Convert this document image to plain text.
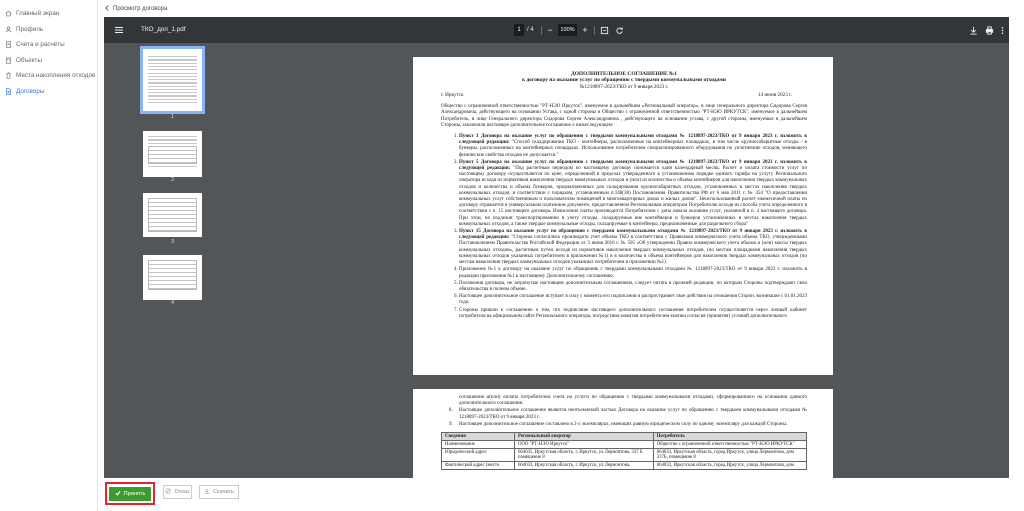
Главный экран
Профиль
Счета и расчёты
Объекты
Места накопления отходов
Договоры
Просмотр договора
ТКО_доп_1.pdf	1	/ 4 −	100% +
1
2
3
4
ДОПОЛНИТЕЛЬНОЕ СОГЛАШЕНИЕ №1
к договору на оказание услуг по обращению с твердыми коммунальными отходами
№1218897-2023/ТКО от 9 января 2023 г.
г. Иркутск	14 июня 2023 г.
Общество с ограниченной ответственностью "РТ-НЭО Иркутск", именуемое в дальнейшем «Региональный оператор», в лице генерального директора Сидорова Сергея Александровича, действующего на основании Устава, с одной стороны и Общество с ограниченной ответственностью "РТ-НЭО ИРКУТСК", именуемое в дальнейшем Потребитель, в лице Генерального директора Сидорова Сергея Александровича , действующего на основании устава, с другой стороны, именуемые в дальнейшем Стороны, заключили настоящее дополнительное соглашение о нижеследующем:
1. Пункт 3 Договора на оказание услуг по обращению с твердыми коммунальными отходами № 1218897-2023/ТКО от 9 января 2023 г. изложить в следующей редакции: "Способ складирования ТКО - контейнеры, расположенные на контейнерных площадках, в том числе крупногабаритные отходы - в бункеры, расположенных на контейнерных площадках. Использование потребителем специализированного оборудования по уплотнению отходов, меняющего физические свойства отходов не допускается."
2. Пункт 5 Договора на оказание услуг по обращению с твердыми коммунальными отходами № 1218897-2023/ТКО от 9 января 2023 г. изложить в следующей редакции: "Под расчетным периодом по настоящему договору понимается один календарный месяц. Расчет и оплата стоимости услуг по настоящему договору осуществляется по цене, определенной в пределах утвержденного в установленном порядке единого тарифа на услугу Регионального оператора исходя из нормативов накопления твердых коммунальных отходов и (или) из количества и объема контейнеров для накопления твердых коммунальных отходов и количества и объема бункеров, предназначенных для складирования крупногабаритных отходов, установленных в местах накопления твердых коммунальных отходов, в соответствии с порядком, установленным п.148(38) Постановления Правительства РФ от 6 мая 2011 г. № 354 "О предоставлении коммунальных услуг собственникам и пользователям помещений в многоквартирных домах и жилых домов". Неиспользованный расчет ежемесячной платы по договору отражается в универсальном платежном документе, предоставленном Региональным оператором Потребителю исходя из способа учета определенного в соответствии с п. 15 настоящего договора. Начисление платы производится Потребителем с даты начала оказания услуг, указанной в п. 4 настоящего договора. При этом, не подлежат транспортированию в учету отходы, складируемые вне контейнеров и бункеров установленных в местах накопления твердых коммунальных отходов, а также твердые коммунальные отходы, складируемые в контейнеры, предназначенные для раздельного сбора"
3. Пункт 15 Договора на оказание услуг по обращению с твердыми коммунальными отходами № 1218897-2023/ТКО от 9 января 2023 г. изложить в следующей редакции: "Стороны согласились производить учет объема ТКО в соответствии с Правилами коммерческого учета объема ТКО, утвержденными Постановлением Правительства Российской Федерации от 3 июня 2016 г. № 505 «Об утверждении Правил коммерческого учета объема и (или) массы твердых коммунальных отходов», расчетным путем исходя из нормативов накопления твердых коммунальных отходов, (по местам площадками накопления твердых коммунальных отходов указанных потребителем в приложении №1) и в количества и объема контейнеров для накопления твердых коммунальных отходов (по местам накопления твердых коммунальных отходов указанных потребителем в приложении №1).
4. Приложение №1 к договору на оказание услуг по обращению с твердыми коммунальными отходами № 1218897-2023/ТКО от 9 января 2023 г. изложить в редакции приложения №1 к настоящему Дополнительному соглашению.
5. Положения договора, не затронутые настоящим дополнительным соглашением, следует читать в прежней редакции, по которым Стороны подтверждают свои обязательства в полном объеме.
6. Настоящее дополнительное соглашение вступает в силу с момента его подписания и распространяет свое действия на отношения Сторон, возникшие с 01.01.2023 года.
7. Стороны пришли к соглашению о том, что подписание настоящего дополнительного соглашения потребителем осуществляется через личный кабинет потребителя на официальном сайте Регионального оператора, посредством нажатия потребителем кнопки согласия (принятия) условий дополнительного
соглашения и(или) оплаты потребителем счета на услуги по обращению с твердыми коммунальными отходами, сформированного на основании данного дополнительного соглашения.
8. Настоящее дополнительное соглашение является неотъемлемой частью Договора на оказание услуг по обращению с твердыми коммунальными отходами № 1218897-2023/ТКО от 9 января 2023 г.
9. Настоящее дополнительное соглашение составлено в 2-х экземплярах, имеющих равную юридическую силу по одному экземпляру для каждой Стороны.
Сведения	Региональный оператор	Потребитель
Наименование	ООО "РТ-НЭО Иркутск"	Общество с ограниченной ответственностью "РТ-НЭО ИРКУТСК"
Юридический адрес	664035, Иркутская область, г. Иркутск, ул.Лермонтова, 337 Б помещение 8	664033, Иркутская область, город Иркутск, улица Лермонтова, дом 337Б, помещение 8
Фактический адрес (место	664033, Иркутская область, г. Иркутск, ул.Лермонтова,	664033, Иркутская область, город Иркутск, улица Лермонтова, дом
Принять	Отказ	Скачать
